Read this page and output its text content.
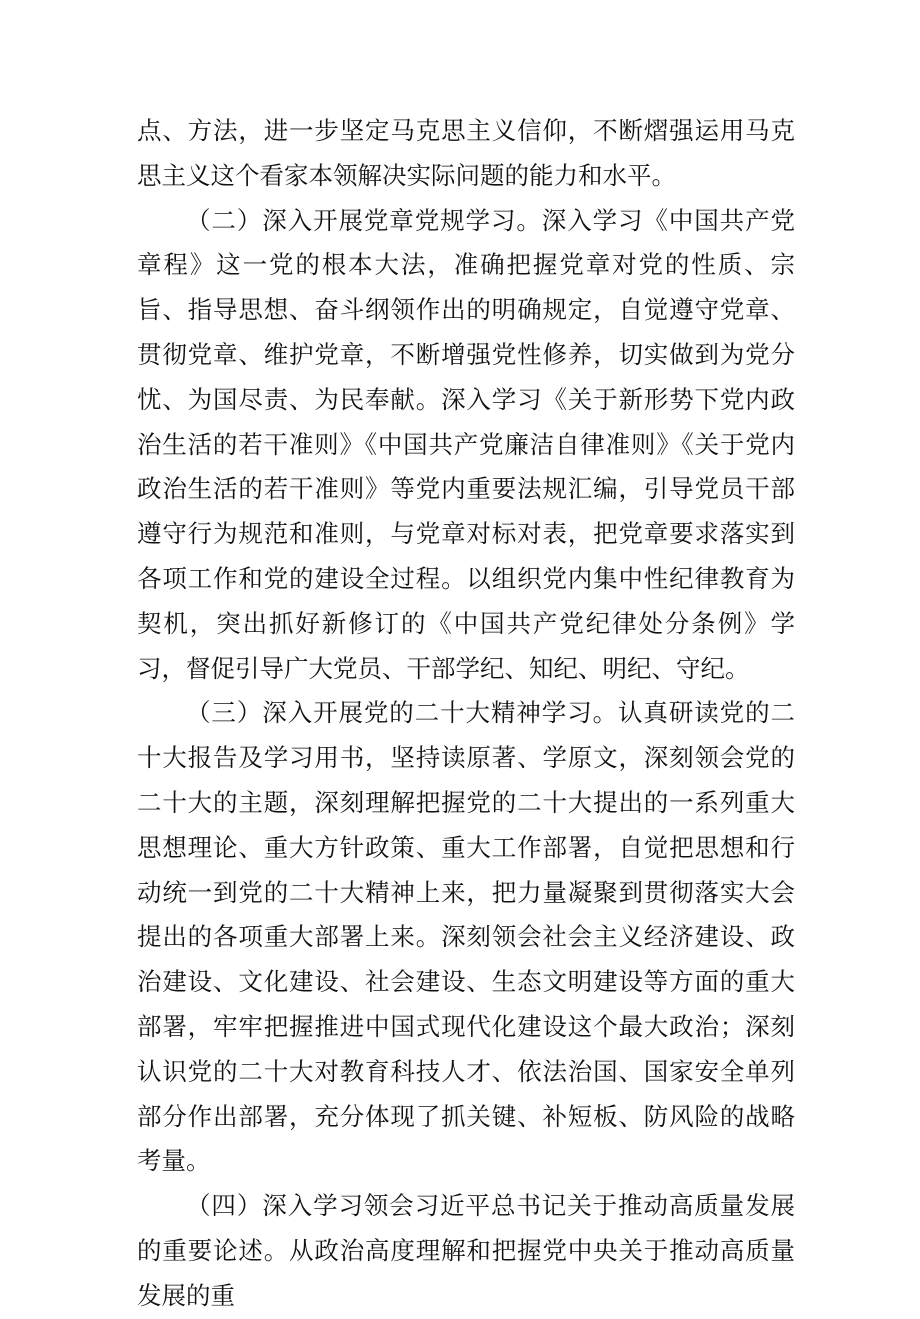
点、方法，进一步坚定马克思主义信仰，不断熠强运用马克思主义这个看家本领解决实际问题的能力和水平。

（二）深入开展党章党规学习。深入学习《中国共产党章程》这一党的根本大法，准确把握党章对党的性质、宗旨、指导思想、奋斗纲领作出的明确规定，自觉遵守党章、贯彻党章、维护党章，不断增强党性修养，切实做到为党分忧、为国尽责、为民奉献。深入学习《关于新形势下党内政治生活的若干准则》《中国共产党廉洁自律准则》《关于党内政治生活的若干准则》等党内重要法规汇编，引导党员干部遵守行为规范和准则，与党章对标对表，把党章要求落实到各项工作和党的建设全过程。以组织党内集中性纪律教育为契机，突出抓好新修订的《中国共产党纪律处分条例》学习，督促引导广大党员、干部学纪、知纪、明纪、守纪。

（三）深入开展党的二十大精神学习。认真研读党的二十大报告及学习用书，坚持读原著、学原文，深刻领会党的二十大的主题，深刻理解把握党的二十大提出的一系列重大思想理论、重大方针政策、重大工作部署，自觉把思想和行动统一到党的二十大精神上来，把力量凝聚到贯彻落实大会提出的各项重大部署上来。深刻领会社会主义经济建设、政治建设、文化建设、社会建设、生态文明建设等方面的重大部署，牢牢把握推进中国式现代化建设这个最大政治；深刻认识党的二十大对教育科技人才、依法治国、国家安全单列部分作出部署，充分体现了抓关键、补短板、防风险的战略考量。

（四）深入学习领会习近平总书记关于推动高质量发展的重要论述。从政治高度理解和把握党中央关于推动高质量发展的重
